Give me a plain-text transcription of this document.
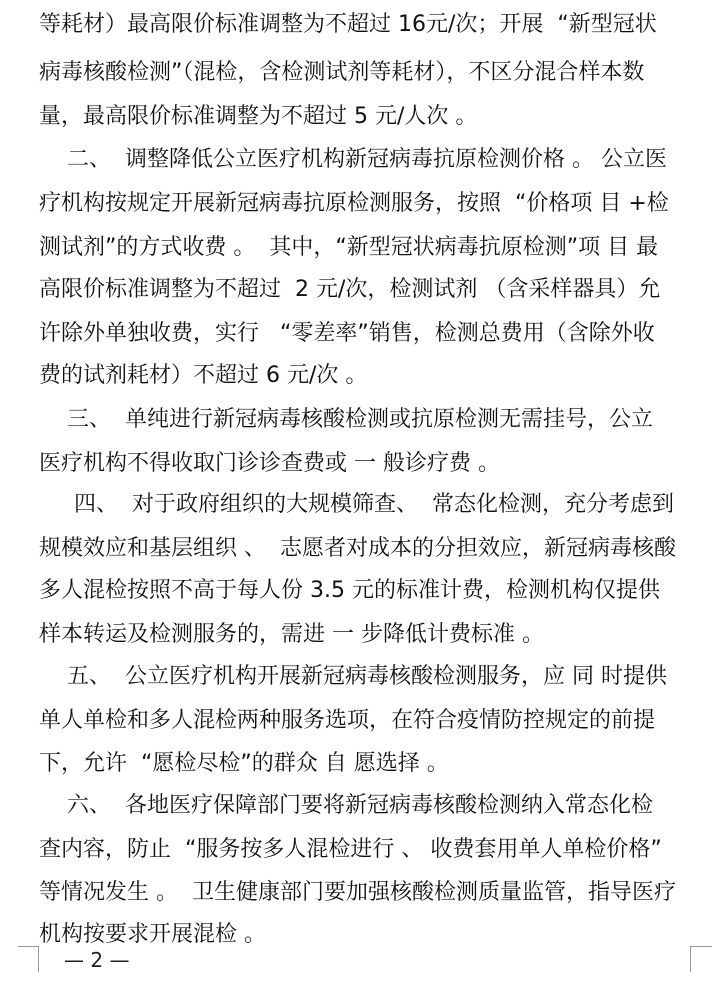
等耗材）最高限价标准调整为不超过 16元/次；开展  “新型冠状
病毒核酸检测”（混检，含检测试剂等耗材），不区分混合样本数
量，最高限价标准调整为不超过 5 元/人次 。
二、  调整降低公立医疗机构新冠病毒抗原检测价格 。 公立医
疗机构按规定开展新冠病毒抗原检测服务，按照  “价格项 目 +检
测试剂”的方式收费 。  其中，“新型冠状病毒抗原检测”项 目 最
高限价标准调整为不超过  2 元/次，检测试剂 （含采样器具）允
许除外单独收费，实行   “零差率”销售，检测总费用（含除外收
费的试剂耗材）不超过 6 元/次 。
三、  单纯进行新冠病毒核酸检测或抗原检测无需挂号，公立
医疗机构不得收取门诊诊查费或 一 般诊疗费 。
四、  对于政府组织的大规模筛查、  常态化检测，充分考虑到
规模效应和基层组织 、  志愿者对成本的分担效应，新冠病毒核酸
多人混检按照不高于每人份 3.5 元的标准计费，检测机构仅提供
样本转运及检测服务的，需进 一 步降低计费标准 。
五、  公立医疗机构开展新冠病毒核酸检测服务，应 同 时提供
单人单检和多人混检两种服务选项，在符合疫情防控规定的前提
下，允许  “愿检尽检”的群众 自 愿选择 。
六、  各地医疗保障部门要将新冠病毒核酸检测纳入常态化检
查内容，防止  “服务按多人混检进行 、 收费套用单人单检价格”
等情况发生 。  卫生健康部门要加强核酸检测质量监管，指导医疗
机构按要求开展混检 。
— 2 —
